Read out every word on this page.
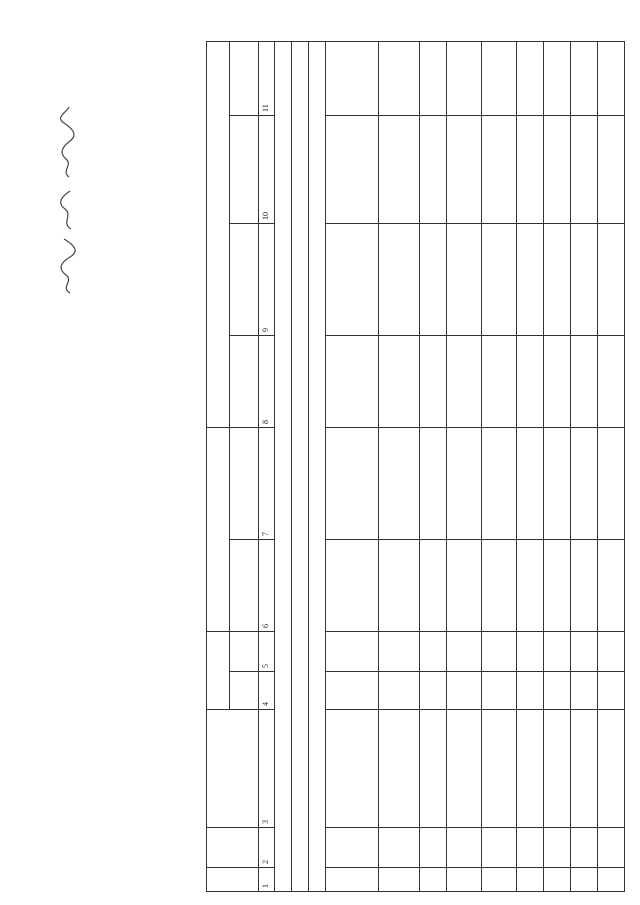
1	2	3	4	5	6	7	8	9	10	11
